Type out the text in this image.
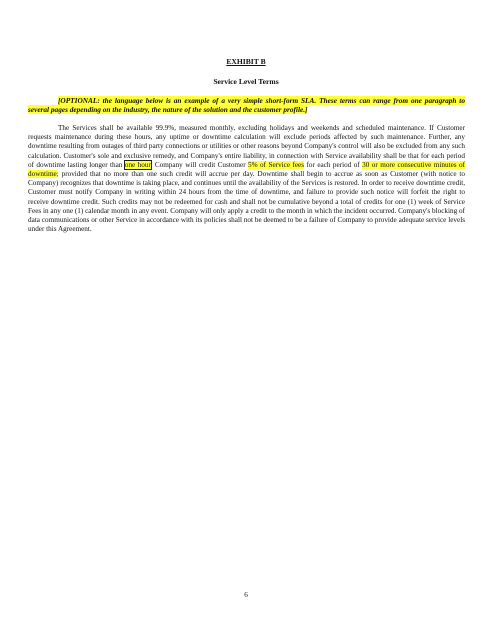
EXHIBIT B
Service Level Terms
[OPTIONAL: the language below is an example of a very simple short-form SLA. These terms can range from one paragraph to several pages depending on the industry, the nature of the solution and the customer profile.]
The Services shall be available 99.9%, measured monthly, excluding holidays and weekends and scheduled maintenance. If Customer requests maintenance during these hours, any uptime or downtime calculation will exclude periods affected by such maintenance. Further, any downtime resulting from outages of third party connections or utilities or other reasons beyond Company's control will also be excluded from any such calculation. Customer's sole and exclusive remedy, and Company's entire liability, in connection with Service availability shall be that for each period of downtime lasting longer than one hour, Company will credit Customer 5% of Service fees for each period of 30 or more consecutive minutes of downtime; provided that no more than one such credit will accrue per day. Downtime shall begin to accrue as soon as Customer (with notice to Company) recognizes that downtime is taking place, and continues until the availability of the Services is restored. In order to receive downtime credit, Customer must notify Company in writing within 24 hours from the time of downtime, and failure to provide such notice will forfeit the right to receive downtime credit. Such credits may not be redeemed for cash and shall not be cumulative beyond a total of credits for one (1) week of Service Fees in any one (1) calendar month in any event. Company will only apply a credit to the month in which the incident occurred. Company's blocking of data communications or other Service in accordance with its policies shall not be deemed to be a failure of Company to provide adequate service levels under this Agreement.
6
